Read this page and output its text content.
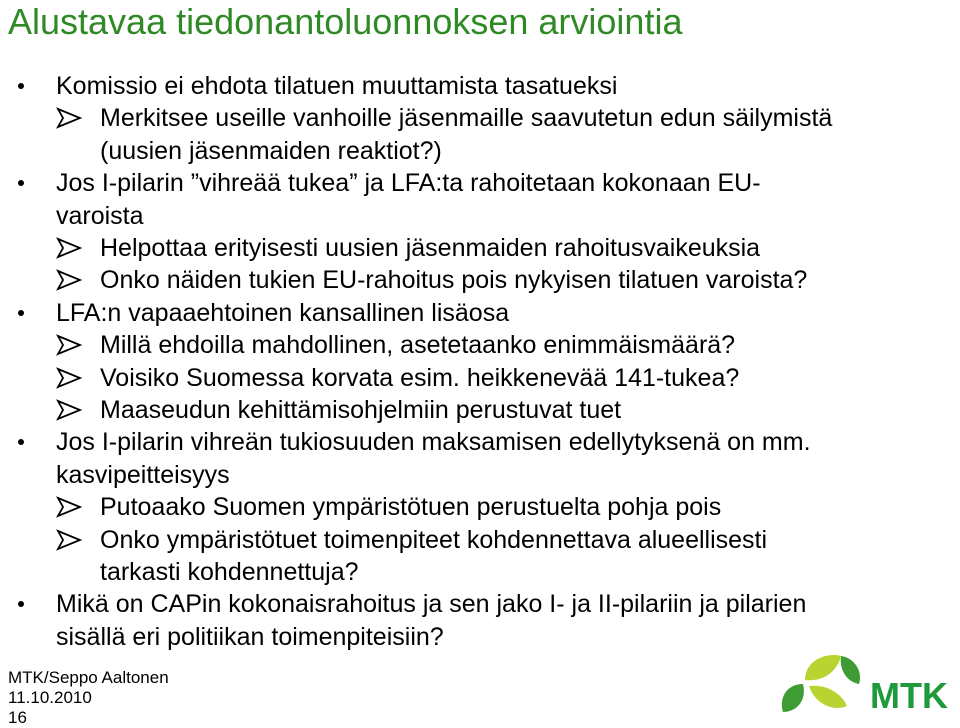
Alustavaa tiedonantoluonnoksen arviointia
Komissio ei ehdota tilatuen muuttamista tasatueksi
Merkitsee useille vanhoille jäsenmaille saavutetun edun säilymistä
(uusien jäsenmaiden reaktiot?)
Jos I-pilarin ”vihreää tukea” ja LFA:ta rahoitetaan kokonaan EU-
varoista
Helpottaa erityisesti uusien jäsenmaiden rahoitusvaikeuksia
Onko näiden tukien EU-rahoitus pois nykyisen tilatuen varoista?
LFA:n vapaaehtoinen kansallinen lisäosa
Millä ehdoilla mahdollinen, asetetaanko enimmäismäärä?
Voisiko Suomessa korvata esim. heikkenevää 141-tukea?
Maaseudun kehittämisohjelmiin perustuvat tuet
Jos I-pilarin vihreän tukiosuuden maksamisen edellytyksenä on mm.
kasvipeitteisyys
Putoaako Suomen ympäristötuen perustuelta pohja pois
Onko ympäristötuet toimenpiteet kohdennettava alueellisesti
tarkasti kohdennettuja?
Mikä on CAPin kokonaisrahoitus ja sen jako I- ja II-pilariin ja pilarien
sisällä eri politiikan toimenpiteisiin?
MTK/Seppo Aaltonen
11.10.2010
16
MTK
